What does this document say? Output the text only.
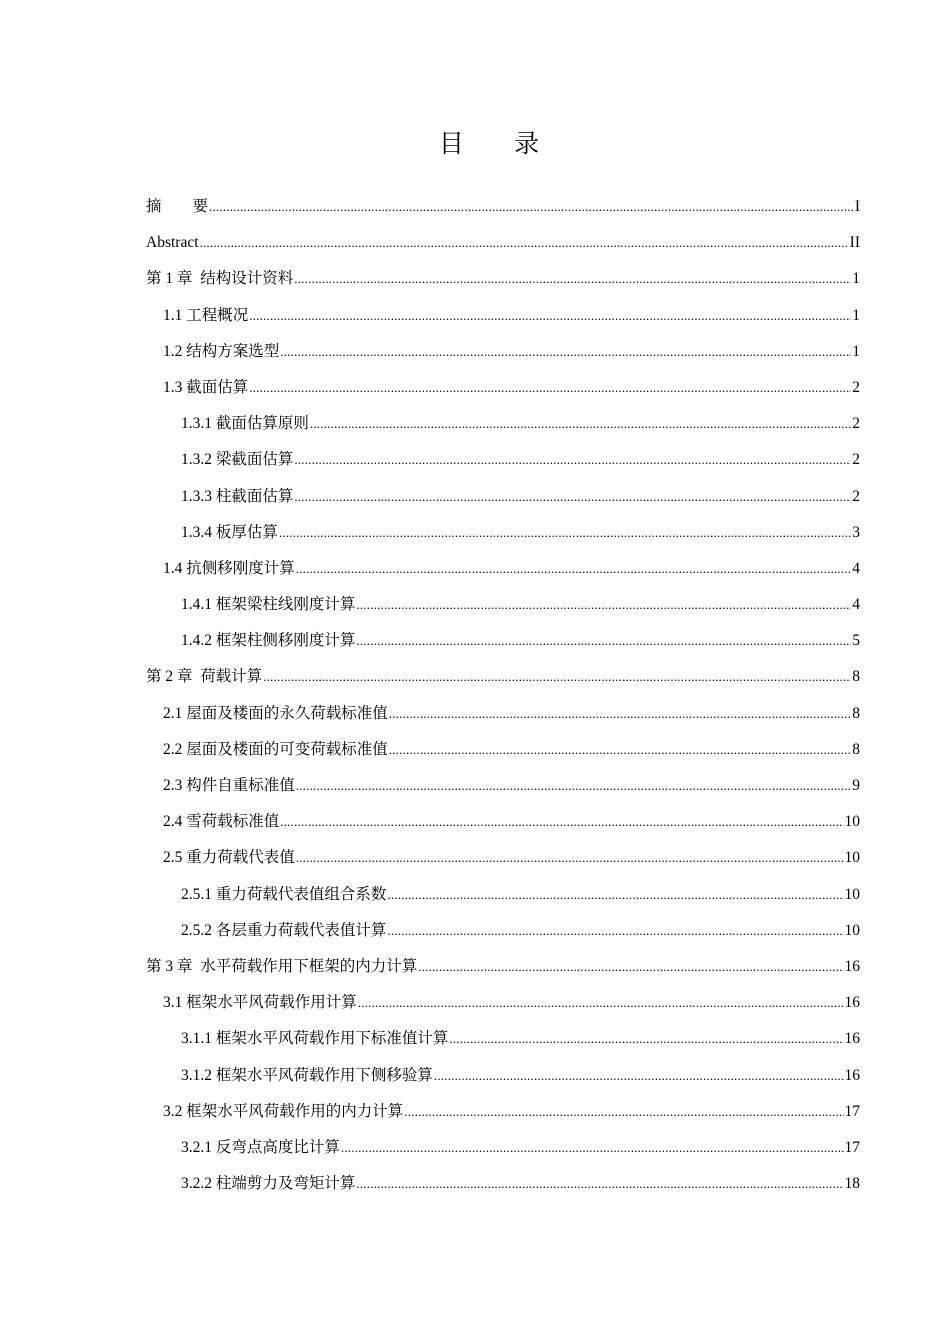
目 录
摘　　要 .....	I
Abstract .....	II
第 1 章  结构设计资料 .....	1
1.1 工程概况 .....	1
1.2 结构方案选型 .....	1
1.3 截面估算 .....	2
1.3.1 截面估算原则 .....	2
1.3.2 梁截面估算 .....	2
1.3.3 柱截面估算 .....	2
1.3.4 板厚估算 .....	3
1.4 抗侧移刚度计算 .....	4
1.4.1 框架梁柱线刚度计算 .....	4
1.4.2 框架柱侧移刚度计算 .....	5
第 2 章  荷载计算 .....	8
2.1 屋面及楼面的永久荷载标准值 .....	8
2.2 屋面及楼面的可变荷载标准值 .....	8
2.3 构件自重标准值 .....	9
2.4 雪荷载标准值 .....	10
2.5 重力荷载代表值 .....	10
2.5.1 重力荷载代表值组合系数 .....	10
2.5.2 各层重力荷载代表值计算 .....	10
第 3 章  水平荷载作用下框架的内力计算 .....	16
3.1 框架水平风荷载作用计算 .....	16
3.1.1 框架水平风荷载作用下标准值计算 .....	16
3.1.2 框架水平风荷载作用下侧移验算 .....	16
3.2 框架水平风荷载作用的内力计算 .....	17
3.2.1 反弯点高度比计算 .....	17
3.2.2 柱端剪力及弯矩计算 .....	18
